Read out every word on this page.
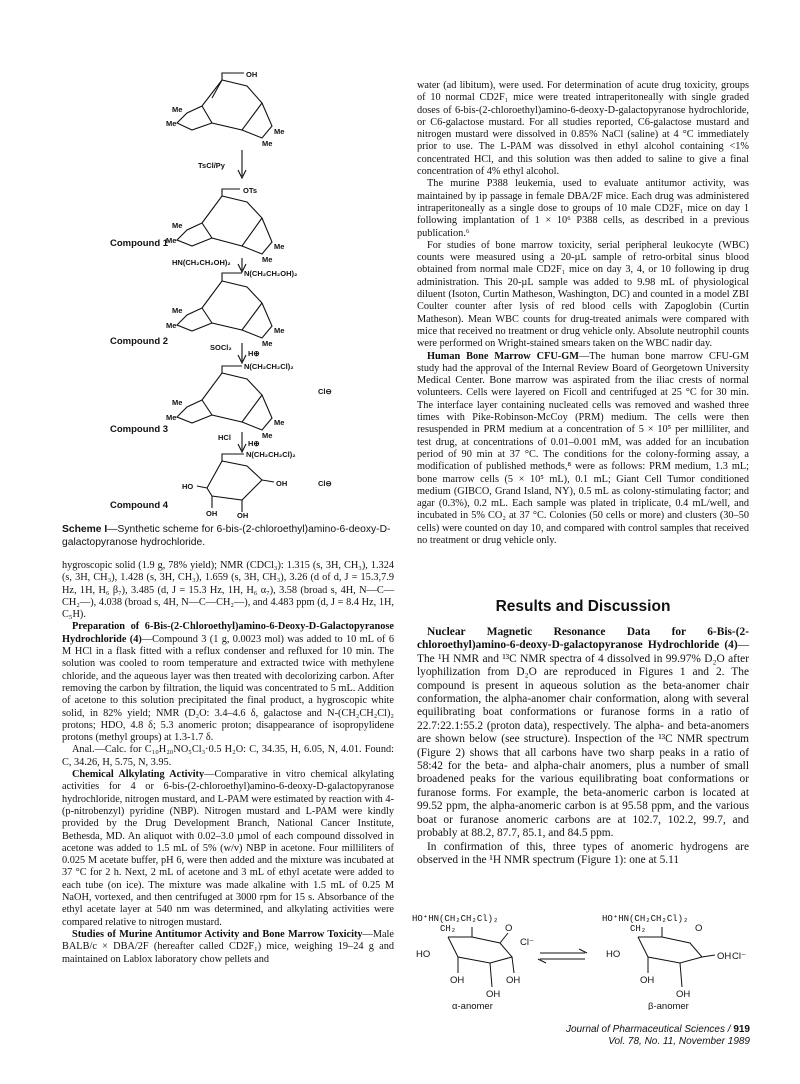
OH
Me
Me
Me
Me
TsCl/Py
OTs
Me
Me
Me
Me
HN(CH₂CH₂OH)₂
N(CH₂CH₂OH)₂
Me
Me
Me
Me
SOCl₂
H⊕
N(CH₂CH₂Cl)₂
Cl⊖
Me
Me
Me
Me
HCl
H⊕
N(CH₂CH₂Cl)₂
Cl⊖
HO	OH
OH	OH
Compound 1
Compound 2
Compound 3
Compound 4

Scheme I—Synthetic scheme for 6-bis-(2-chloroethyl)amino-6-deoxy-D-galactopyranose hydrochloride.

hygroscopic solid (1.9 g, 78% yield); NMR (CDCl₃): 1.315 (s, 3H, CH₃), 1.324 (s, 3H, CH₃), 1.428 (s, 3H, CH₃), 1.659 (s, 3H, CH₃), 3.26 (d of d, J = 15.3,7.9 Hz, 1H, H₆ β₇), 3.485 (d, J = 15.3 Hz, 1H, H₆ α₇), 3.58 (broad s, 4H, N—C—CH₂—), 4.038 (broad s, 4H, N—C—CH₂—), and 4.483 ppm (d, J = 8.4 Hz, 1H, C₅H).

Preparation of 6-Bis-(2-Chloroethyl)amino-6-Deoxy-D-Galactopyranose Hydrochloride (4)—Compound 3 (1 g, 0.0023 mol) was added to 10 mL of 6 M HCl in a flask fitted with a reflux condenser and refluxed for 10 min. The solution was cooled to room temperature and extracted twice with methylene chloride, and the aqueous layer was then treated with decolorizing carbon. After removing the carbon by filtration, the liquid was concentrated to 5 mL. Addition of acetone to this solution precipitated the final product, a hygroscopic white solid, in 82% yield; NMR (D₂O: 3.4–4.6 δ, galactose and N-(CH₂CH₂Cl)₂ protons; HDO, 4.8 δ; 5.3 anomeric proton; disappearance of isopropylidene protons (methyl groups) at 1.3-1.7 δ.

Anal.—Calc. for C₁₀H₂₀NO₅Cl₃·0.5 H₂O: C, 34.35, H, 6.05, N, 4.01. Found: C, 34.26, H, 5.75, N, 3.95.

Chemical Alkylating Activity—Comparative in vitro chemical alkylating activities for 4 or 6-bis-(2-chloroethyl)amino-6-deoxy-D-galactopyranose hydrochloride, nitrogen mustard, and L-PAM were estimated by reaction with 4-(p-nitrobenzyl) pyridine (NBP). Nitrogen mustard and L-PAM were kindly provided by the Drug Development Branch, National Cancer Institute, Bethesda, MD. An aliquot with 0.02–3.0 µmol of each compound dissolved in acetone was added to 1.5 mL of 5% (w/v) NBP in acetone. Four milliliters of 0.025 M acetate buffer, pH 6, were then added and the mixture was incubated at 37 °C for 2 h. Next, 2 mL of acetone and 3 mL of ethyl acetate were added to each tube (on ice). The mixture was made alkaline with 1.5 mL of 0.25 M NaOH, vortexed, and then centrifuged at 3000 rpm for 15 s. Absorbance of the ethyl acetate layer at 540 nm was determined, and alkylating activities were compared relative to nitrogen mustard.

Studies of Murine Antitumor Activity and Bone Marrow Toxicity—Male BALB/c × DBA/2F (hereafter called CD2F₁) mice, weighing 19–24 g and maintained on Lablox laboratory chow pellets and

water (ad libitum), were used. For determination of acute drug toxicity, groups of 10 normal CD2F₁ mice were treated intraperitoneally with single graded doses of 6-bis-(2-chloroethyl)amino-6-deoxy-D-galactopyranose hydrochloride, or C6-galactose mustard. For all studies reported, C6-galactose mustard and nitrogen mustard were dissolved in 0.85% NaCl (saline) at 4 °C immediately prior to use. The L-PAM was dissolved in ethyl alcohol containing <1% concentrated HCl, and this solution was then added to saline to give a final concentration of 4% ethyl alcohol.

The murine P388 leukemia, used to evaluate antitumor activity, was maintained by ip passage in female DBA/2F mice. Each drug was administered intraperitoneally as a single dose to groups of 10 male CD2F₁ mice on day 1 following implantation of 1 × 10⁶ P388 cells, as described in a previous publication.⁶

For studies of bone marrow toxicity, serial peripheral leukocyte (WBC) counts were measured using a 20-µL sample of retro-orbital sinus blood obtained from normal male CD2F₁ mice on day 3, 4, or 10 following ip drug administration. This 20-µL sample was added to 9.98 mL of physiological diluent (Isoton, Curtin Matheson, Washington, DC) and counted in a model ZBI Coulter counter after lysis of red blood cells with Zapoglobin (Curtin Matheson). Mean WBC counts for drug-treated animals were compared with mice that received no treatment or drug vehicle only. Absolute neutrophil counts were performed on Wright-stained smears taken on the WBC nadir day.

Human Bone Marrow CFU-GM—The human bone marrow CFU-GM study had the approval of the Internal Review Board of Georgetown University Medical Center. Bone marrow was aspirated from the iliac crests of normal volunteers. Cells were layered on Ficoll and centrifuged at 25 °C for 30 min. The interface layer containing nucleated cells was removed and washed three times with Pike-Robinson-McCoy (PRM) medium. The cells were then resuspended in PRM medium at a concentration of 5 × 10⁵ per milliliter, and test drug, at concentrations of 0.01–0.001 mM, was added for an incubation period of 90 min at 37 °C. The conditions for the colony-forming assay, a modification of published methods,⁸ were as follows: PRM medium, 1.3 mL; bone marrow cells (5 × 10⁵ mL), 0.1 mL; Giant Cell Tumor conditioned medium (GIBCO, Grand Island, NY), 0.5 mL as colony-stimulating factor; and agar (0.3%), 0.2 mL. Each sample was plated in triplicate, 0.4 mL/well, and incubated in 5% CO₂ at 37 °C. Colonies (50 cells or more) and clusters (30–50 cells) were counted on day 10, and compared with control samples that received no treatment or drug vehicle only.

Results and Discussion

Nuclear Magnetic Resonance Data for 6-Bis-(2-chloroethyl)amino-6-deoxy-D-galactopyranose Hydrochloride (4)—The ¹H NMR and ¹³C NMR spectra of 4 dissolved in 99.97% D₂O after lyophilization from D₂O are reproduced in Figures 1 and 2. The compound is present in aqueous solution as the beta-anomer chair conformation, the alpha-anomer chair conformation, along with several equilibrating boat conformations or furanose forms in a ratio of 22.7:22.1:55.2 (proton data), respectively. The alpha- and beta-anomers are shown below (see structure). Inspection of the ¹³C NMR spectrum (Figure 2) shows that all carbons have two sharp peaks in a ratio of 58:42 for the beta- and alpha-chair anomers, plus a number of small broadened peaks for the various equilibrating boat conformations or furanose forms. For example, the beta-anomeric carbon is located at 99.52 ppm, the alpha-anomeric carbon is at 95.58 ppm, and the various boat or furanose anomeric carbons are at 102.7, 102.2, 99.7, and probably at 88.2, 87.7, 85.1, and 84.5 ppm.

In confirmation of this, three types of anomeric hydrogens are observed in the ¹H NMR spectrum (Figure 1): one at 5.11

HO⁺HN(CH₂CH₂Cl)₂
CH₂
HO
O
OH	OH
OH
Cl⁻
α-anomer
HO⁺HN(CH₂CH₂Cl)₂
CH₂
HO
O
OH
OH
OH
Cl⁻
β-anomer
Journal of Pharmaceutical Sciences / 919
Vol. 78, No. 11, November 1989
